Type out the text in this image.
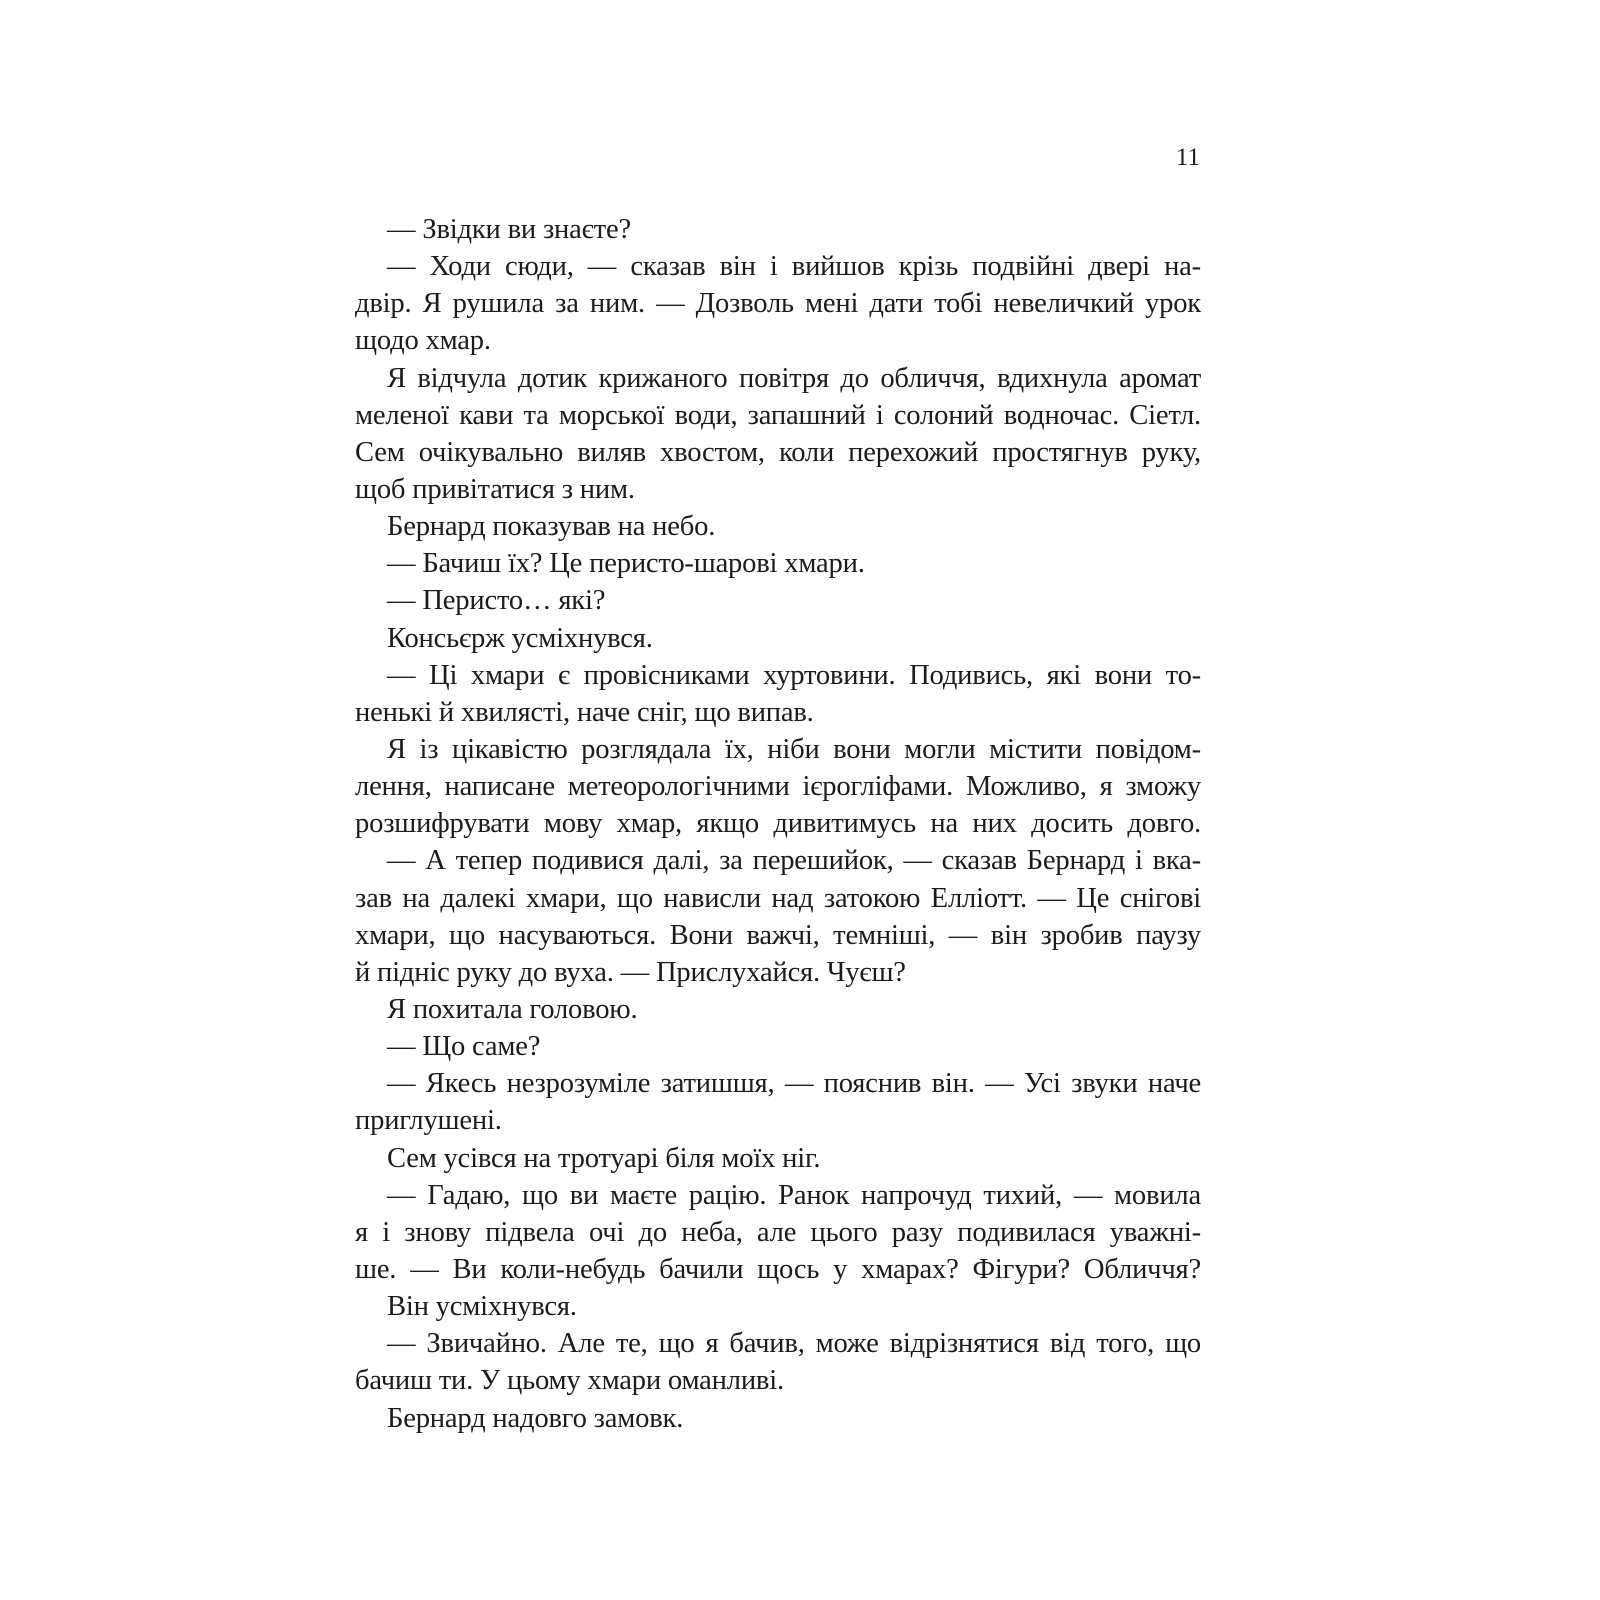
11
— Звідки ви знаєте?
— Ходи сюди, — сказав він і вийшов крізь подвійні двері на-
двір. Я рушила за ним. — Дозволь мені дати тобі невеличкий урок
щодо хмар.
Я відчула дотик крижаного повітря до обличчя, вдихнула аромат
меленої кави та морської води, запашний і солоний водночас. Сіетл.
Сем очікувально виляв хвостом, коли перехожий простягнув руку,
щоб привітатися з ним.
Бернард показував на небо.
— Бачиш їх? Це перисто-шарові хмари.
— Перисто… які?
Консьєрж усміхнувся.
— Ці хмари є провісниками хуртовини. Подивись, які вони то-
ненькі й хвилясті, наче сніг, що випав.
Я із цікавістю розглядала їх, ніби вони могли містити повідом-
лення, написане метеорологічними ієрогліфами. Можливо, я зможу
розшифрувати мову хмар, якщо дивитимусь на них досить довго.
— А тепер подивися далі, за перешийок, — сказав Бернард і вка-
зав на далекі хмари, що нависли над затокою Еллiотт. — Це снігові
хмари, що насуваються. Вони важчі, темніші, — він зробив паузу
й підніс руку до вуха. — Прислухайся. Чуєш?
Я похитала головою.
— Що саме?
— Якесь незрозуміле затишшя, — пояснив він. — Усі звуки наче
приглушені.
Сем усівся на тротуарі біля моїх ніг.
— Гадаю, що ви маєте рацію. Ранок напрочуд тихий, — мовила
я і знову підвела очі до неба, але цього разу подивилася уважні-
ше. — Ви коли-небудь бачили щось у хмарах? Фігури? Обличчя?
Він усміхнувся.
— Звичайно. Але те, що я бачив, може відрізнятися від того, що
бачиш ти. У цьому хмари оманливі.
Бернард надовго замовк.
